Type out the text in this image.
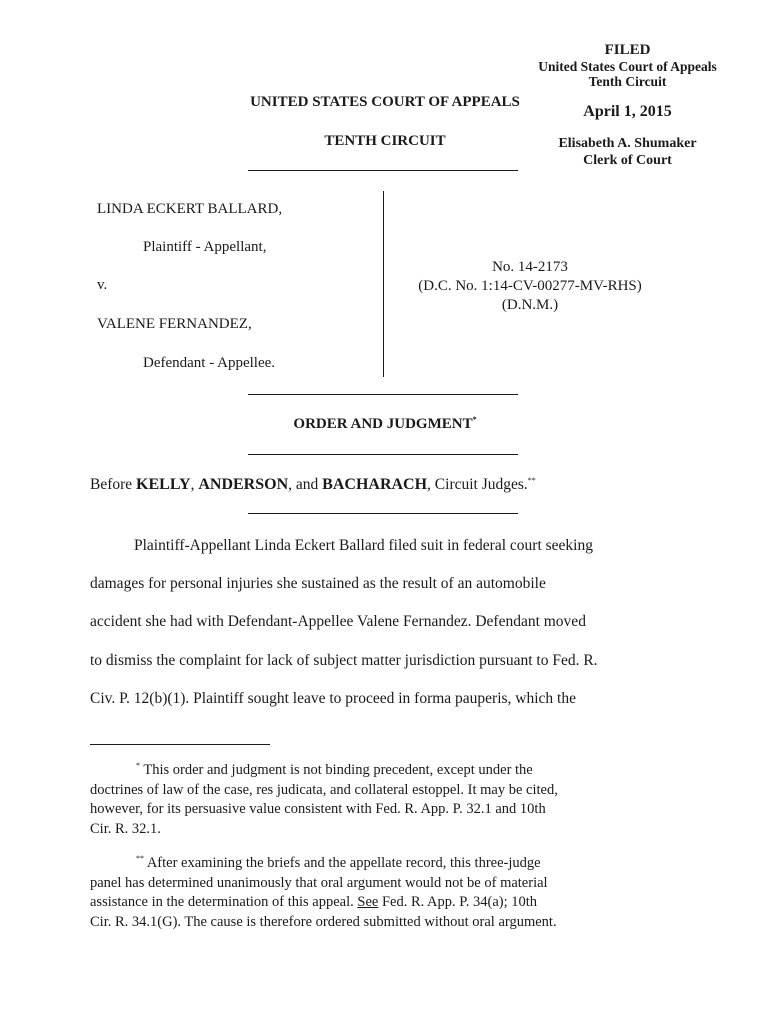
FILED
United States Court of Appeals
Tenth Circuit
April 1, 2015
Elisabeth A. Shumaker
Clerk of Court
UNITED STATES COURT OF APPEALS
TENTH CIRCUIT
LINDA ECKERT BALLARD,
Plaintiff - Appellant,
v.
VALENE FERNANDEZ,
Defendant - Appellee.
No. 14-2173
(D.C. No. 1:14-CV-00277-MV-RHS)
(D.N.M.)
ORDER AND JUDGMENT*
Before KELLY, ANDERSON, and BACHARACH, Circuit Judges.**
Plaintiff-Appellant Linda Eckert Ballard filed suit in federal court seeking
damages for personal injuries she sustained as the result of an automobile
accident she had with Defendant-Appellee Valene Fernandez. Defendant moved
to dismiss the complaint for lack of subject matter jurisdiction pursuant to Fed. R.
Civ. P. 12(b)(1). Plaintiff sought leave to proceed in forma pauperis, which the
* This order and judgment is not binding precedent, except under the
doctrines of law of the case, res judicata, and collateral estoppel. It may be cited,
however, for its persuasive value consistent with Fed. R. App. P. 32.1 and 10th
Cir. R. 32.1.
** After examining the briefs and the appellate record, this three-judge
panel has determined unanimously that oral argument would not be of material
assistance in the determination of this appeal. See Fed. R. App. P. 34(a); 10th
Cir. R. 34.1(G). The cause is therefore ordered submitted without oral argument.
